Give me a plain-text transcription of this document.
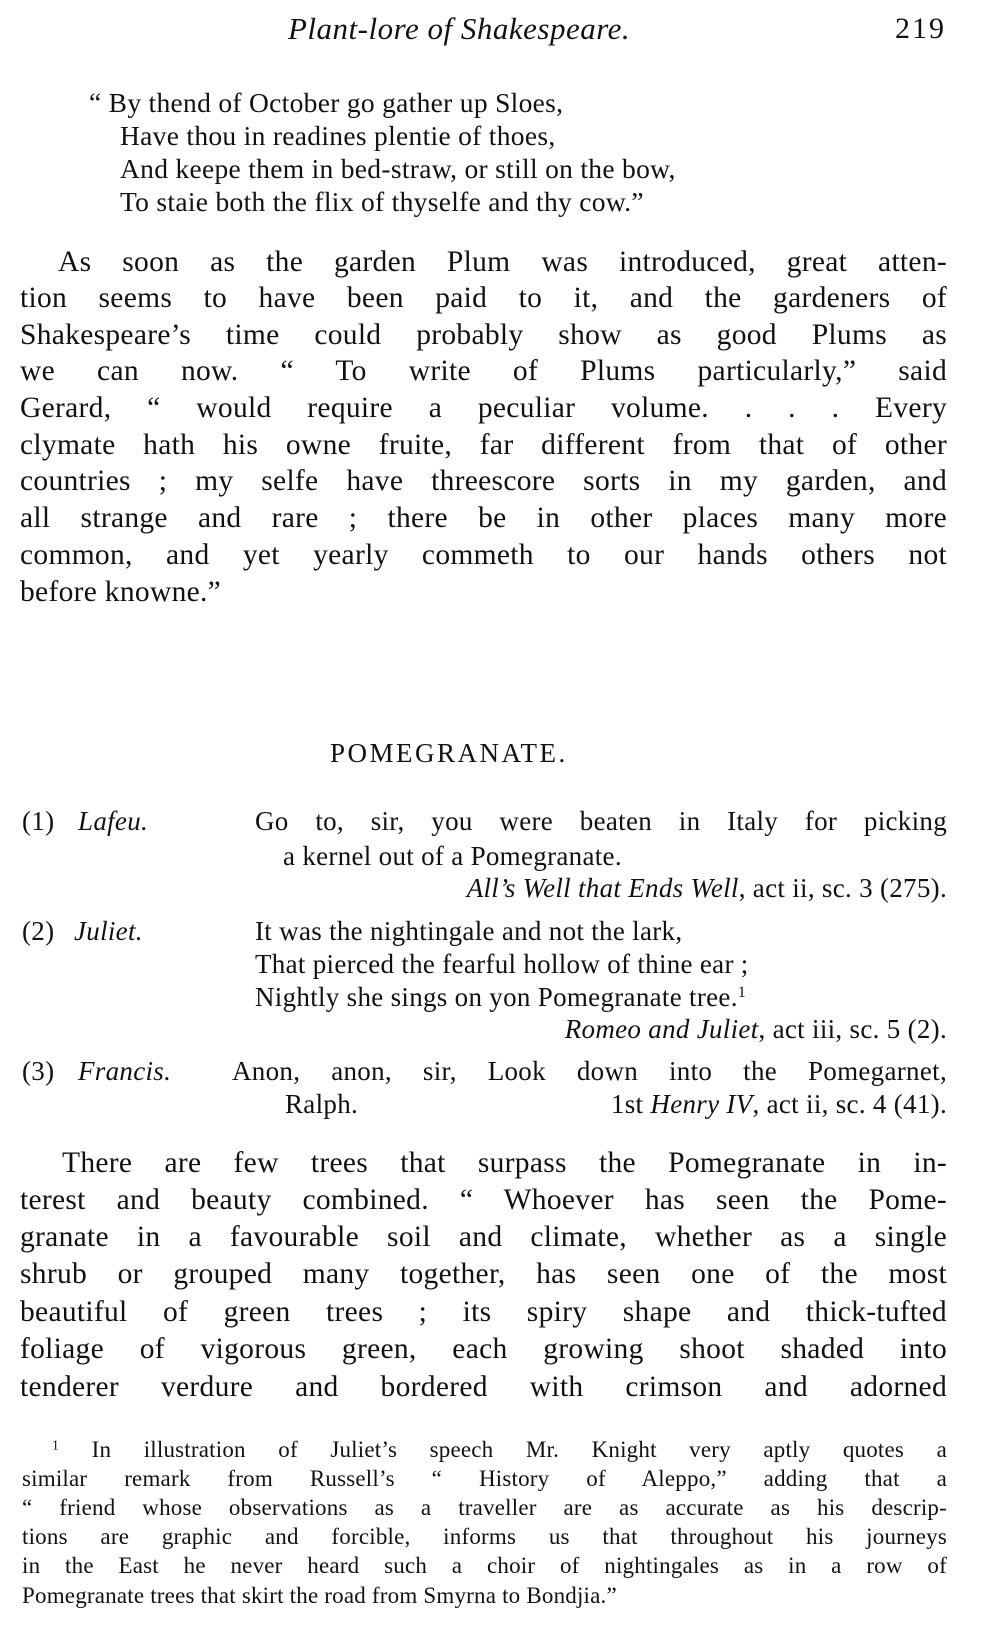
Plant-lore of Shakespeare.	219
“ By thend of October go gather up Sloes,
Have thou in readines plentie of thoes,
And keepe them in bed-straw, or still on the bow,
To staie both the flix of thyselfe and thy cow.”
As soon as the garden Plum was introduced, great atten-
tion seems to have been paid to it, and the gardeners of
Shakespeare’s time could probably show as good Plums as
we can now. “ To write of Plums particularly,” said
Gerard, “ would require a peculiar volume. . . . Every
clymate hath his owne fruite, far different from that of other
countries ; my selfe have threescore sorts in my garden, and
all strange and rare ; there be in other places many more
common, and yet yearly commeth to our hands others not
before knowne.”
POMEGRANATE.
(1) Lafeu.	Go to, sir, you were beaten in Italy for picking
a kernel out of a Pomegranate.
All’s Well that Ends Well, act ii, sc. 3 (275).
(2) Juliet.	It was the nightingale and not the lark,
That pierced the fearful hollow of thine ear ;
Nightly she sings on yon Pomegranate tree.$^1$
Romeo and Juliet, act iii, sc. 5 (2).
(3) Francis. Anon, anon, sir, Look down into the Pomegarnet,
Ralph.	1st Henry IV, act ii, sc. 4 (41).
There are few trees that surpass the Pomegranate in in-
terest and beauty combined. “ Whoever has seen the Pome-
granate in a favourable soil and climate, whether as a single
shrub or grouped many together, has seen one of the most
beautiful of green trees ; its spiry shape and thick-tufted
foliage of vigorous green, each growing shoot shaded into
tenderer verdure and bordered with crimson and adorned
$^1$ In illustration of Juliet’s speech Mr. Knight very aptly quotes a
similar remark from Russell’s “ History of Aleppo,” adding that a
“ friend whose observations as a traveller are as accurate as his descrip-
tions are graphic and forcible, informs us that throughout his journeys
in the East he never heard such a choir of nightingales as in a row of
Pomegranate trees that skirt the road from Smyrna to Bondjia.”
